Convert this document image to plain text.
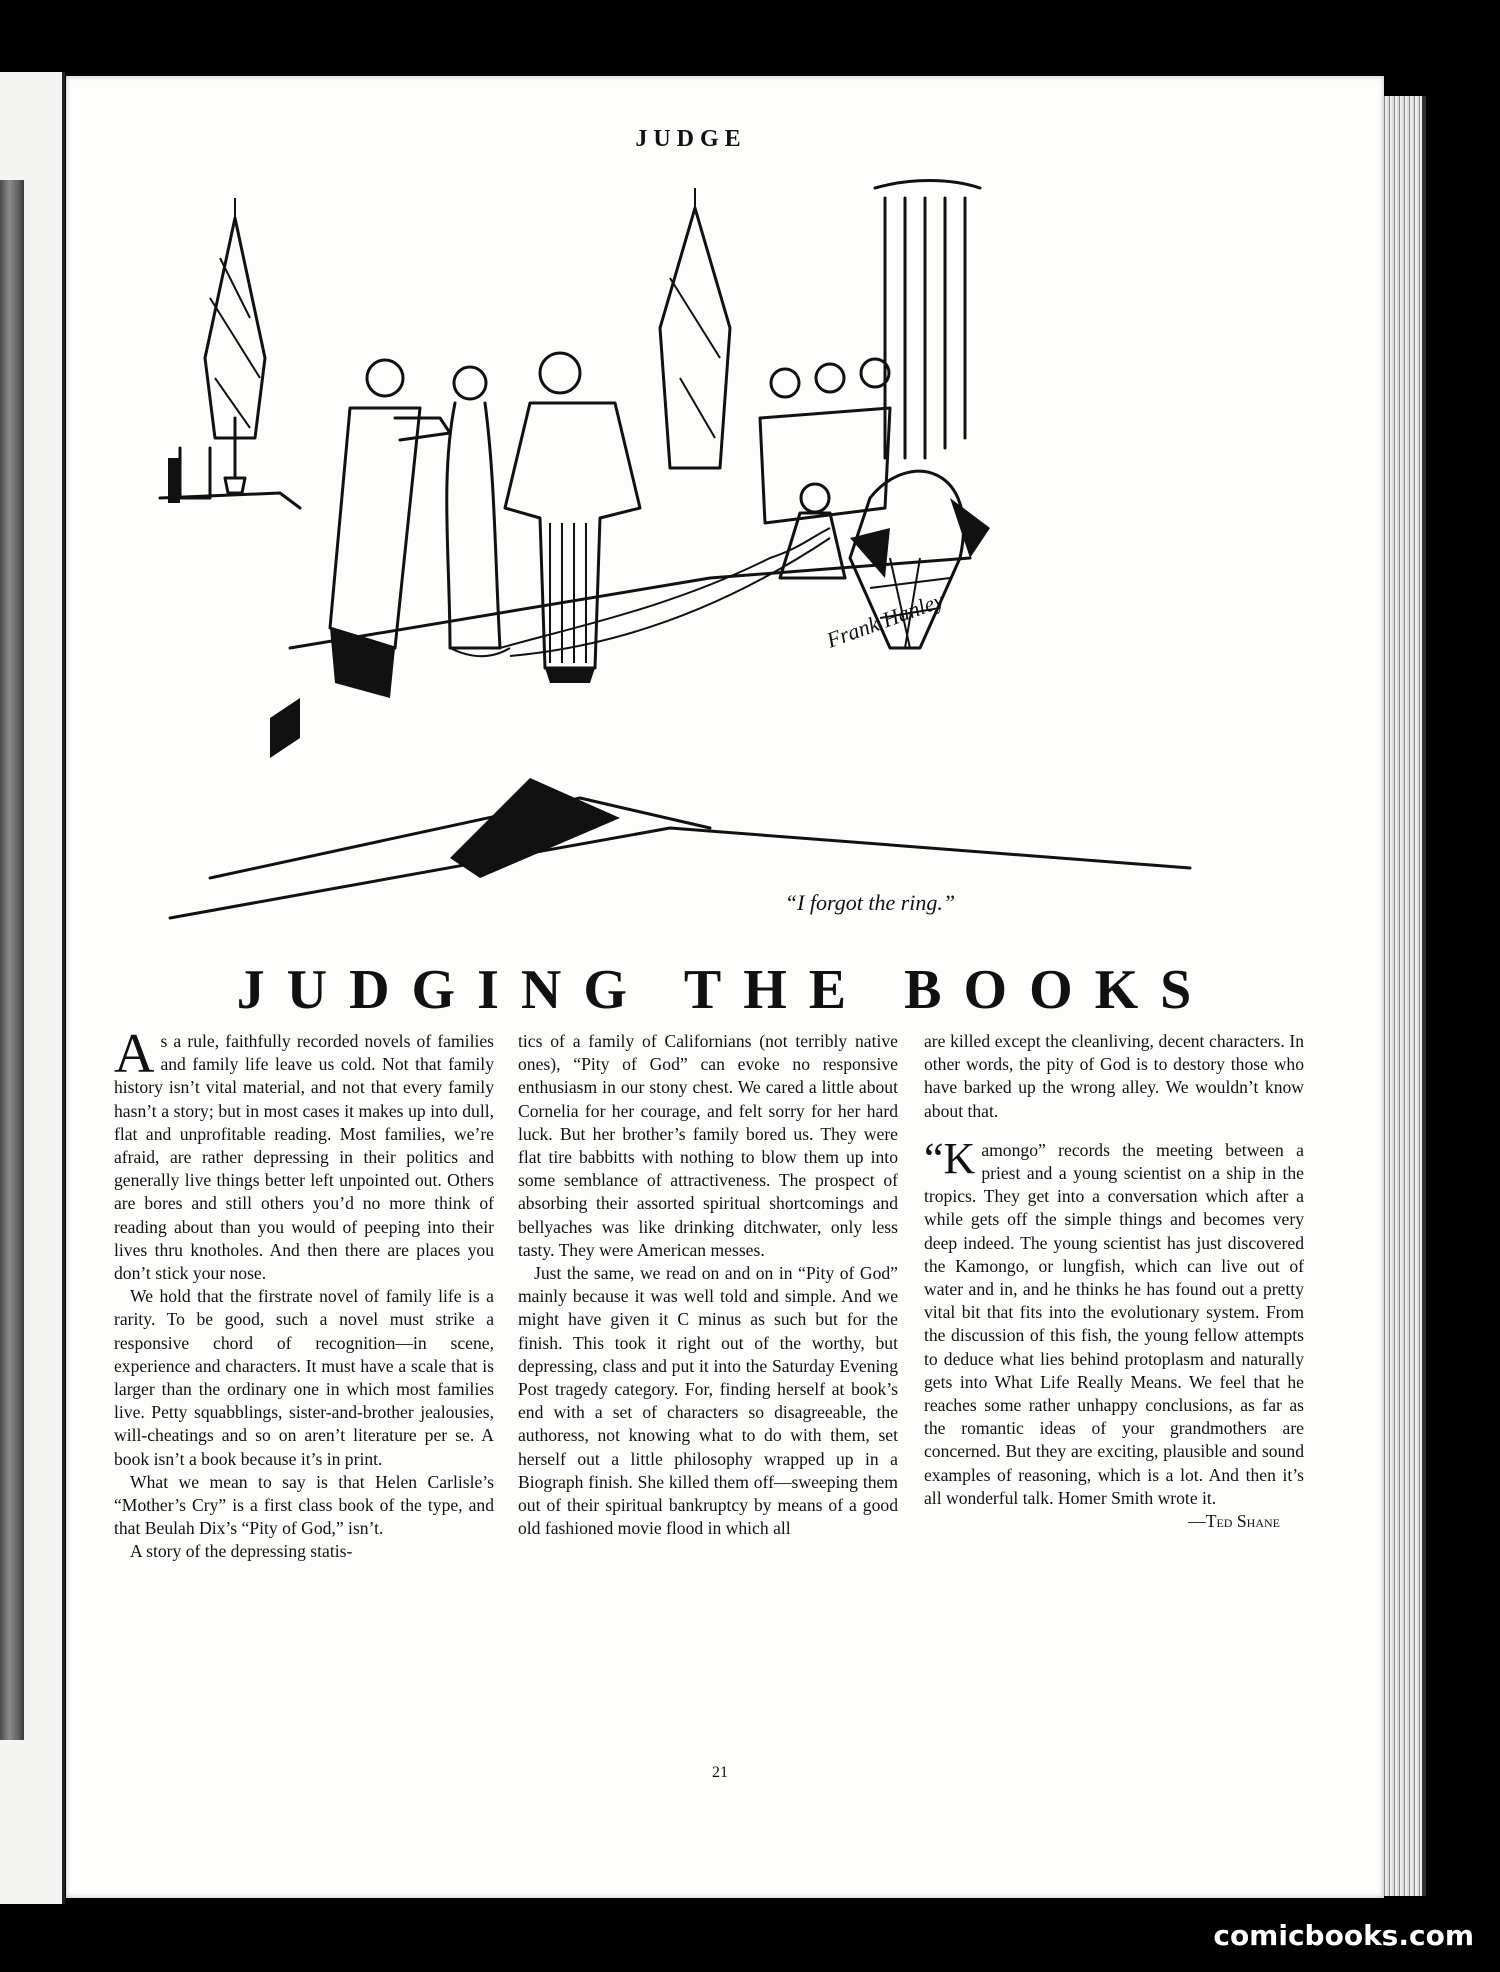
JUDGE
Frank Hanley
“I forgot the ring.”
JUDGING THE BOOKS

As a rule, faithfully recorded novels of families and family life leave us cold. Not that family history isn’t vital material, and not that every family hasn’t a story; but in most cases it makes up into dull, flat and unprofitable reading. Most families, we’re afraid, are rather depressing in their politics and generally live things better left unpointed out. Others are bores and still others you’d no more think of reading about than you would of peeping into their lives thru knotholes. And then there are places you don’t stick your nose.

We hold that the firstrate novel of family life is a rarity. To be good, such a novel must strike a responsive chord of recognition—in scene, experience and characters. It must have a scale that is larger than the ordinary one in which most families live. Petty squabblings, sister-and-brother jealousies, will-cheatings and so on aren’t literature per se. A book isn’t a book because it’s in print.

What we mean to say is that Helen Carlisle’s “Mother’s Cry” is a first class book of the type, and that Beulah Dix’s “Pity of God,” isn’t.

A story of the depressing statis-

tics of a family of Californians (not terribly native ones), “Pity of God” can evoke no responsive enthusiasm in our stony chest. We cared a little about Cornelia for her courage, and felt sorry for her hard luck. But her brother’s family bored us. They were flat tire babbitts with nothing to blow them up into some semblance of attractiveness. The prospect of absorbing their assorted spiritual shortcomings and bellyaches was like drinking ditchwater, only less tasty. They were American messes.

Just the same, we read on and on in “Pity of God” mainly because it was well told and simple. And we might have given it C minus as such but for the finish. This took it right out of the worthy, but depressing, class and put it into the Saturday Evening Post tragedy category. For, finding herself at book’s end with a set of characters so disagreeable, the authoress, not knowing what to do with them, set herself out a little philosophy wrapped up in a Biograph finish. She killed them off—sweeping them out of their spiritual bankruptcy by means of a good old fashioned movie flood in which all

are killed except the cleanliving, decent characters. In other words, the pity of God is to destory those who have barked up the wrong alley. We wouldn’t know about that.

“Kamongo” records the meeting between a priest and a young scientist on a ship in the tropics. They get into a conversation which after a while gets off the simple things and becomes very deep indeed. The young scientist has just discovered the Kamongo, or lungfish, which can live out of water and in, and he thinks he has found out a pretty vital bit that fits into the evolutionary system. From the discussion of this fish, the young fellow attempts to deduce what lies behind protoplasm and naturally gets into What Life Really Means. We feel that he reaches some rather unhappy conclusions, as far as the romantic ideas of your grandmothers are concerned. But they are exciting, plausible and sound examples of reasoning, which is a lot. And then it’s all wonderful talk. Homer Smith wrote it.

—Ted Shane

21
comicbooks.com
